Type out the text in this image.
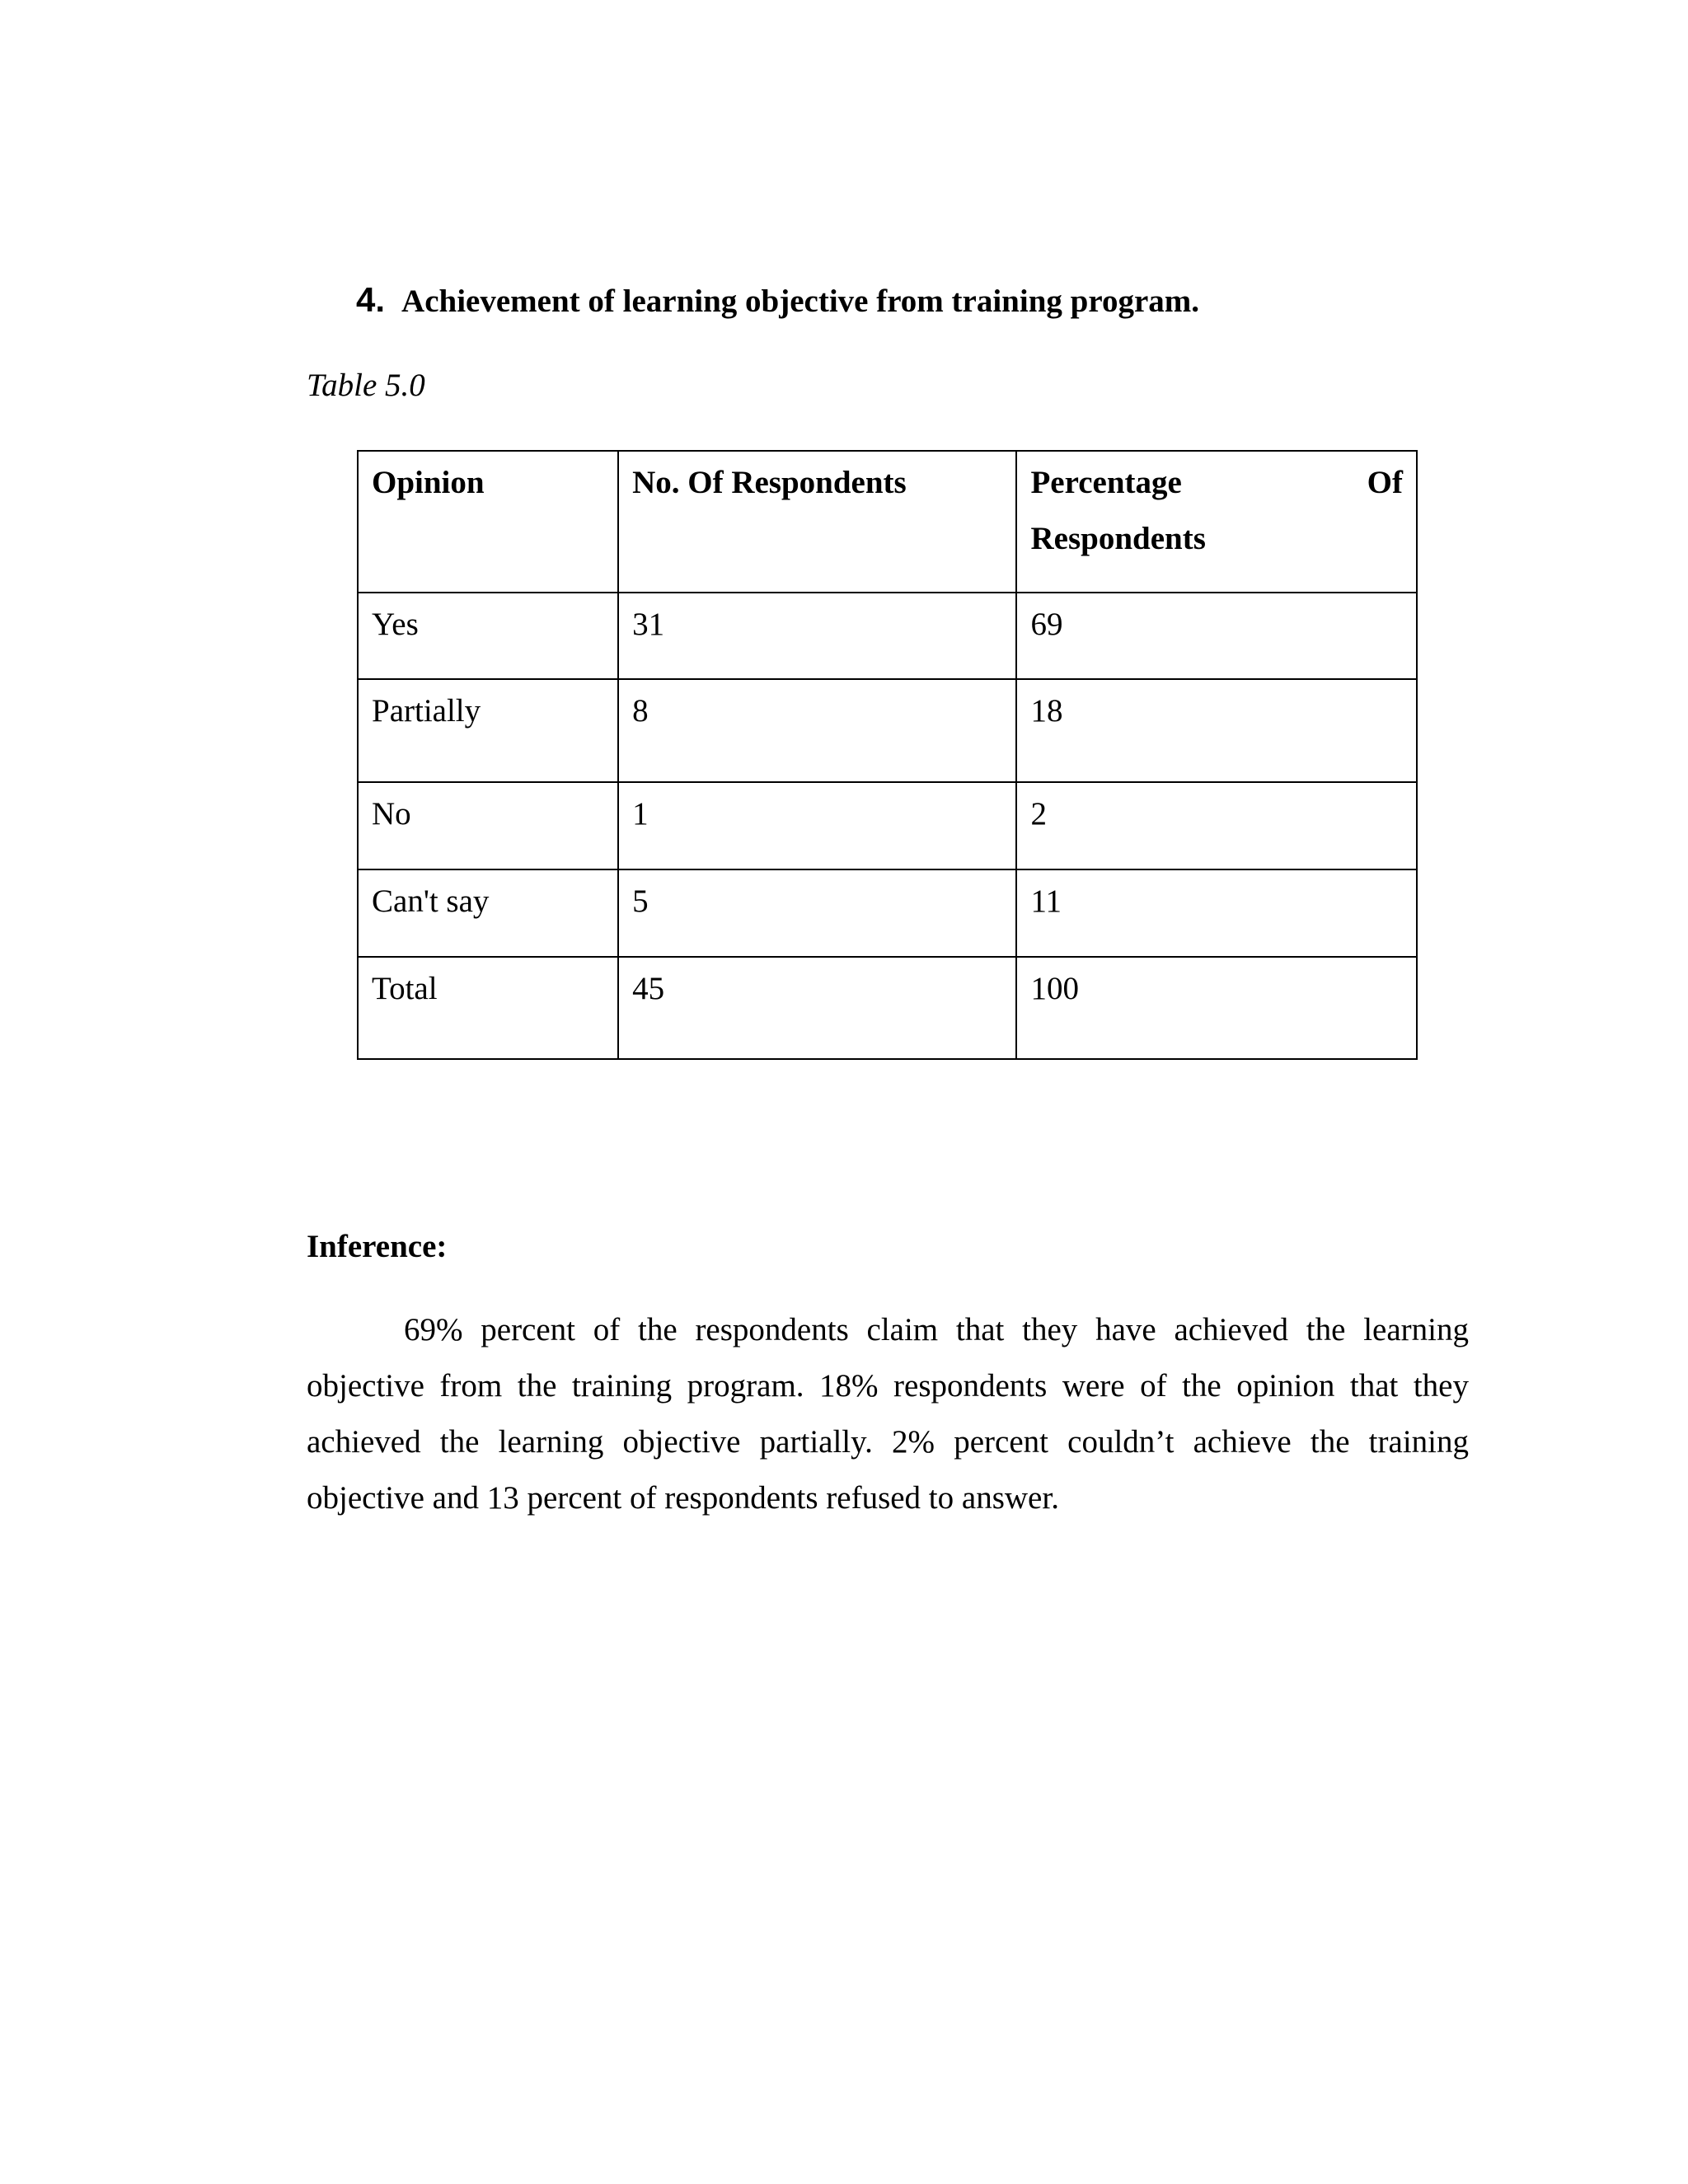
4. Achievement of learning objective from training program.
Table 5.0
Opinion	No. Of Respondents	Percentage Of
Respondents

Yes	31	69

Partially	8	18

No	1	2

Can't say	5	11

Total	45	100
Inference:

69% percent of the respondents claim that they have achieved the learning objective from the training program. 18% respondents were of the opinion that they achieved the learning objective partially. 2% percent couldn’t achieve the training objective and 13 percent of respondents refused to answer.
